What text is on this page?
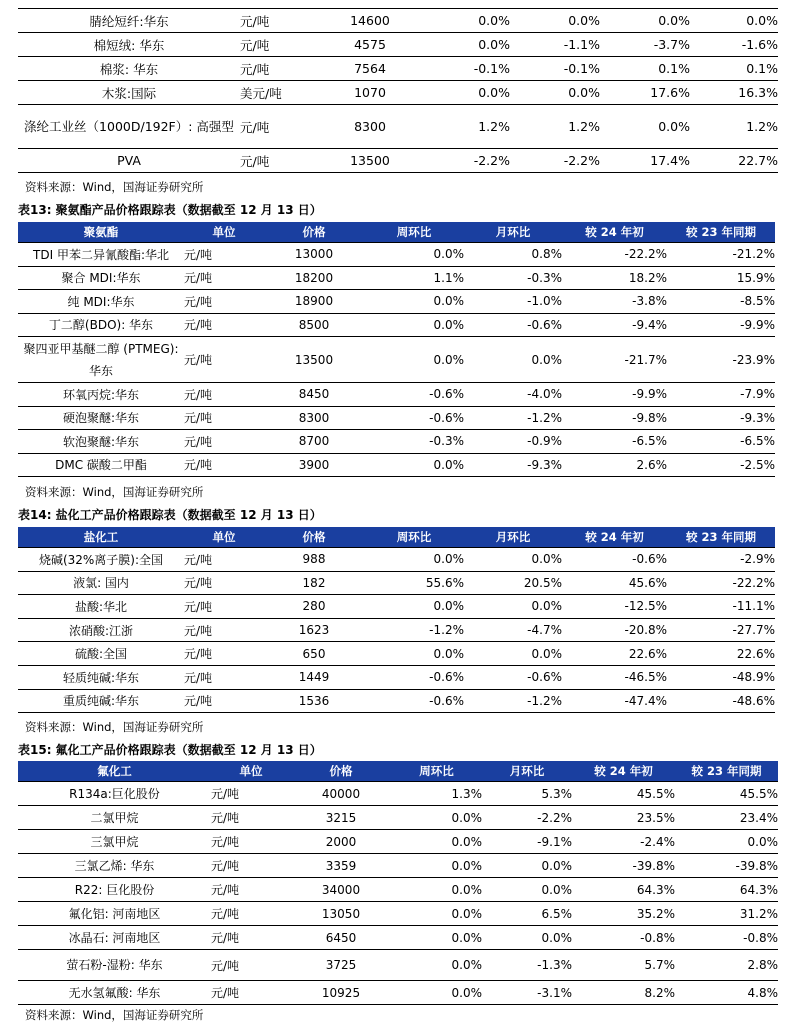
腈纶短纤:华东	元/吨	14600	0.0%	0.0%	0.0%	0.0%
棉短绒: 华东	元/吨	4575	0.0%	-1.1%	-3.7%	-1.6%
棉浆: 华东	元/吨	7564	-0.1%	-0.1%	0.1%	0.1%
木浆:国际	美元/吨	1070	0.0%	0.0%	17.6%	16.3%
涤纶工业丝（1000D/192F）: 高强型	元/吨	8300	1.2%	1.2%	0.0%	1.2%
PVA	元/吨	13500	-2.2%	-2.2%	17.4%	22.7%
资料来源：Wind，国海证券研究所
表13: 聚氨酯产品价格跟踪表（数据截至 12 月 13 日）
聚氨酯	单位	价格	周环比	月环比	较 24 年初	较 23 年同期
TDI 甲苯二异氰酸酯:华北	元/吨	13000	0.0%	0.8%	-22.2%	-21.2%
聚合 MDI:华东	元/吨	18200	1.1%	-0.3%	18.2%	15.9%
纯 MDI:华东	元/吨	18900	0.0%	-1.0%	-3.8%	-8.5%
丁二醇(BDO): 华东	元/吨	8500	0.0%	-0.6%	-9.4%	-9.9%
聚四亚甲基醚二醇 (PTMEG):华东	元/吨	13500	0.0%	0.0%	-21.7%	-23.9%
环氧丙烷:华东	元/吨	8450	-0.6%	-4.0%	-9.9%	-7.9%
硬泡聚醚:华东	元/吨	8300	-0.6%	-1.2%	-9.8%	-9.3%
软泡聚醚:华东	元/吨	8700	-0.3%	-0.9%	-6.5%	-6.5%
DMC 碳酸二甲酯	元/吨	3900	0.0%	-9.3%	2.6%	-2.5%
资料来源：Wind，国海证券研究所
表14: 盐化工产品价格跟踪表（数据截至 12 月 13 日）
盐化工	单位	价格	周环比	月环比	较 24 年初	较 23 年同期
烧碱(32%离子膜):全国	元/吨	988	0.0%	0.0%	-0.6%	-2.9%
液氯: 国内	元/吨	182	55.6%	20.5%	45.6%	-22.2%
盐酸:华北	元/吨	280	0.0%	0.0%	-12.5%	-11.1%
浓硝酸:江浙	元/吨	1623	-1.2%	-4.7%	-20.8%	-27.7%
硫酸:全国	元/吨	650	0.0%	0.0%	22.6%	22.6%
轻质纯碱:华东	元/吨	1449	-0.6%	-0.6%	-46.5%	-48.9%
重质纯碱:华东	元/吨	1536	-0.6%	-1.2%	-47.4%	-48.6%
资料来源：Wind，国海证券研究所
表15: 氟化工产品价格跟踪表（数据截至 12 月 13 日）
氟化工	单位	价格	周环比	月环比	较 24 年初	较 23 年同期
R134a:巨化股份	元/吨	40000	1.3%	5.3%	45.5%	45.5%
二氯甲烷	元/吨	3215	0.0%	-2.2%	23.5%	23.4%
三氯甲烷	元/吨	2000	0.0%	-9.1%	-2.4%	0.0%
三氯乙烯: 华东	元/吨	3359	0.0%	0.0%	-39.8%	-39.8%
R22: 巨化股份	元/吨	34000	0.0%	0.0%	64.3%	64.3%
氟化铝: 河南地区	元/吨	13050	0.0%	6.5%	35.2%	31.2%
冰晶石: 河南地区	元/吨	6450	0.0%	0.0%	-0.8%	-0.8%
萤石粉-湿粉: 华东	元/吨	3725	0.0%	-1.3%	5.7%	2.8%
无水氢氟酸: 华东	元/吨	10925	0.0%	-3.1%	8.2%	4.8%
资料来源：Wind，国海证券研究所
